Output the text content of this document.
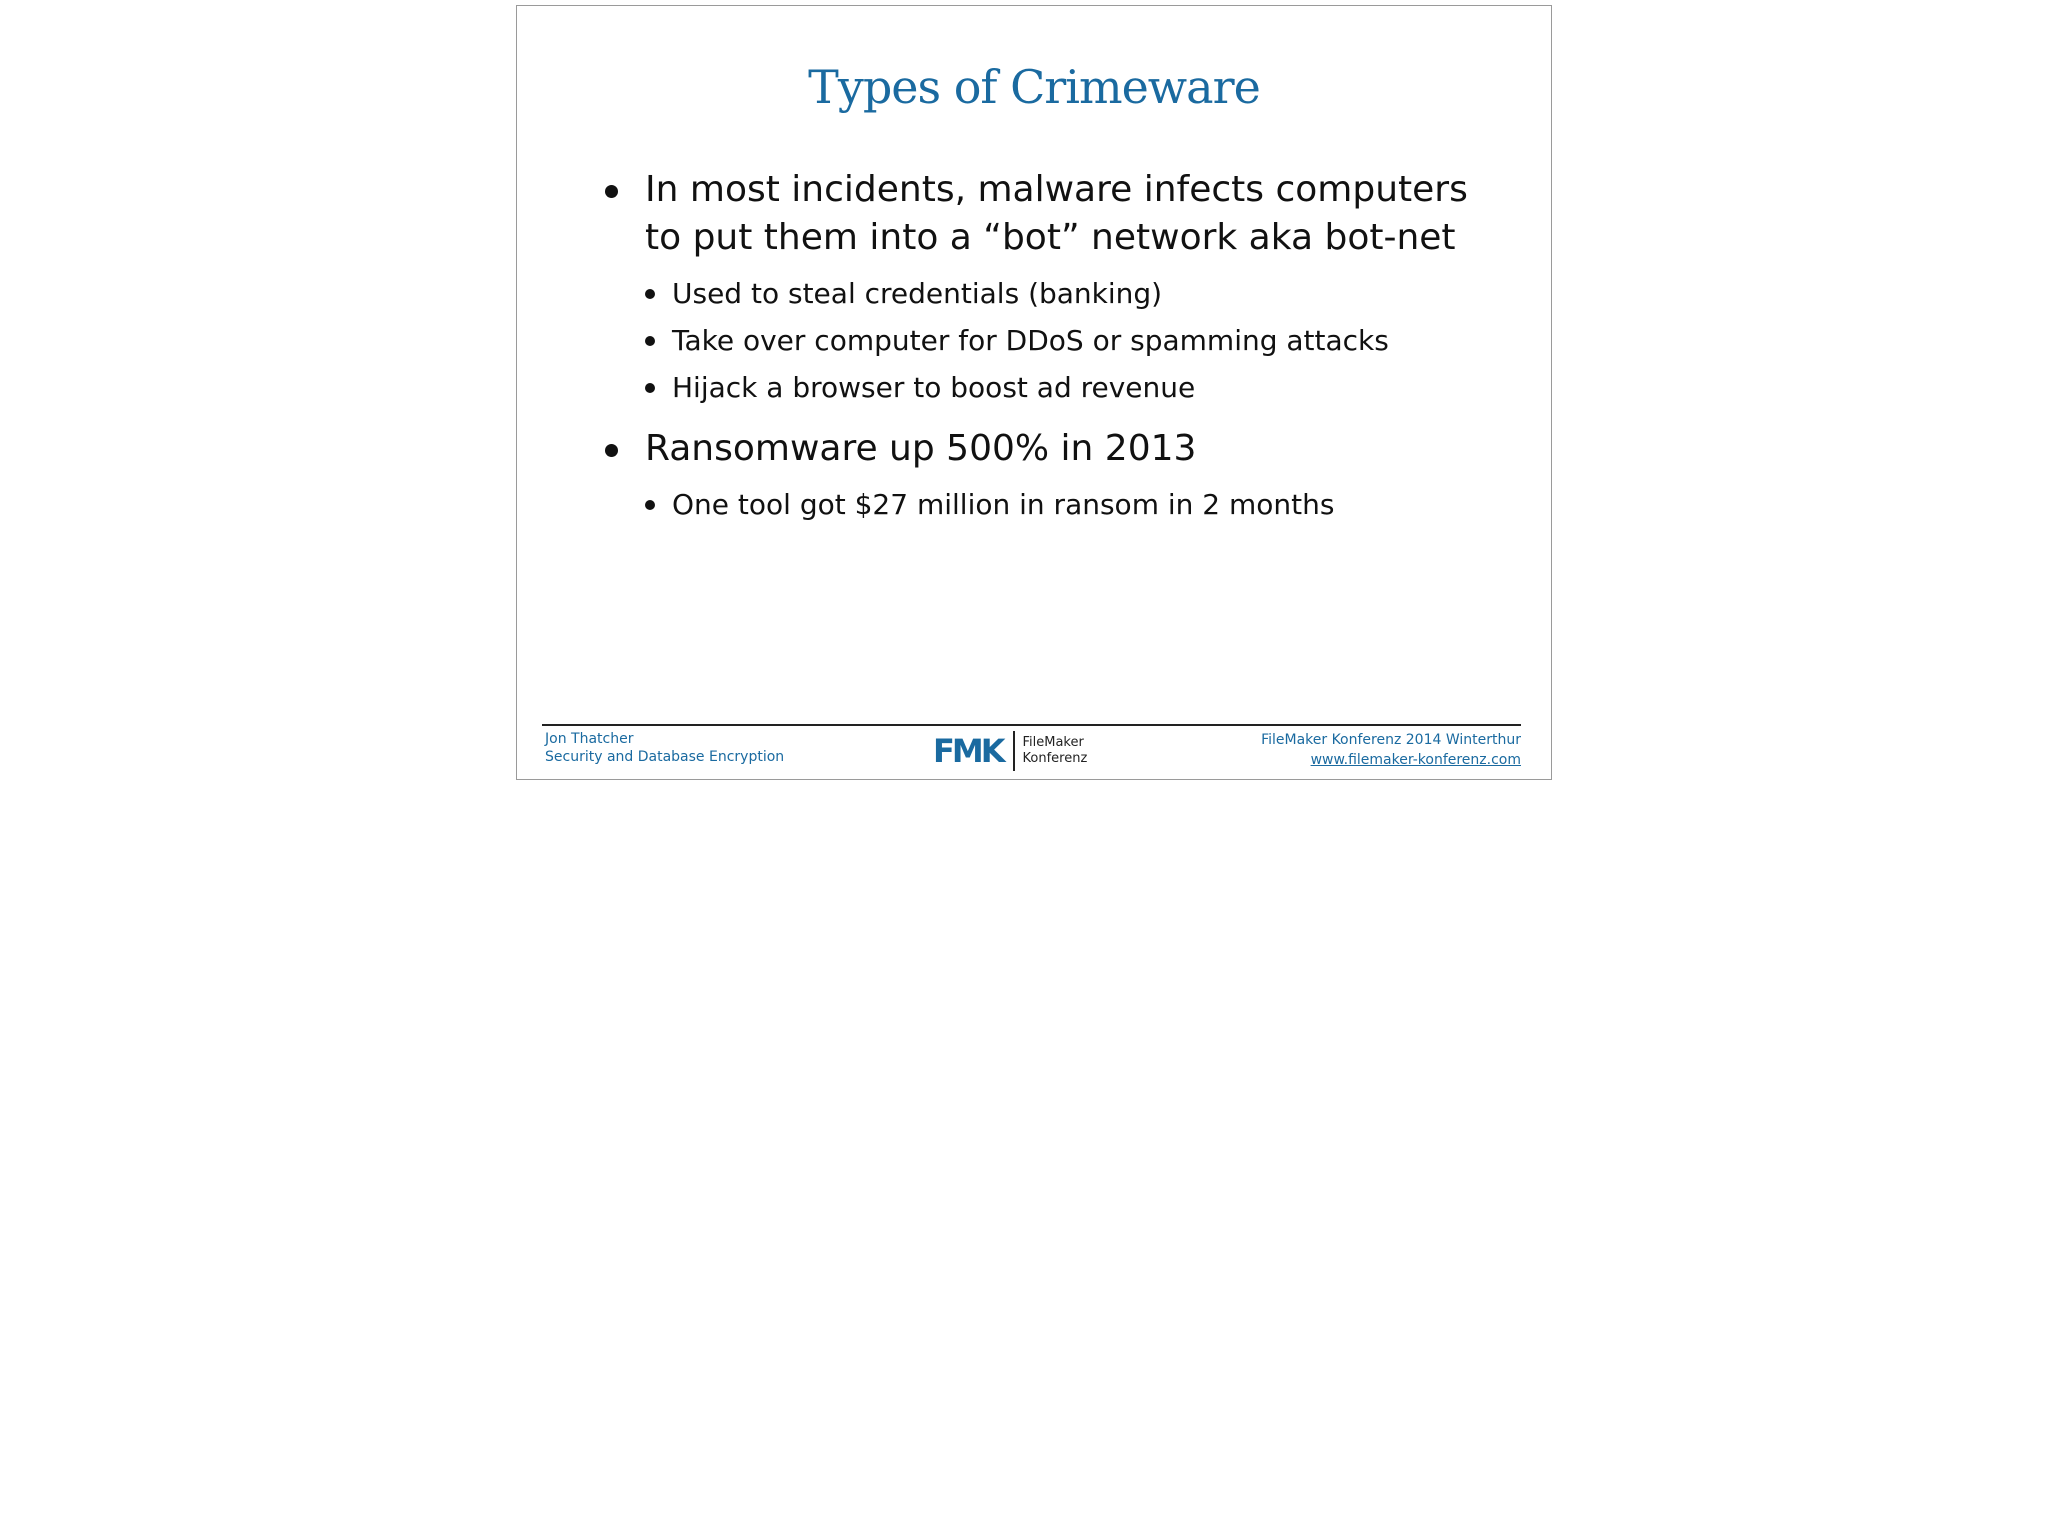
Types of Crimeware
In most incidents, malware infects computers to put them into a “bot” network aka bot-net
Used to steal credentials (banking)
Take over computer for DDoS or spamming attacks
Hijack a browser to boost ad revenue
Ransomware up 500% in 2013
One tool got $27 million in ransom in 2 months
Jon Thatcher
Security and Database Encryption	FMK FileMaker
Konferenz
FileMaker Konferenz 2014 Winterthur
www.filemaker-konferenz.com
